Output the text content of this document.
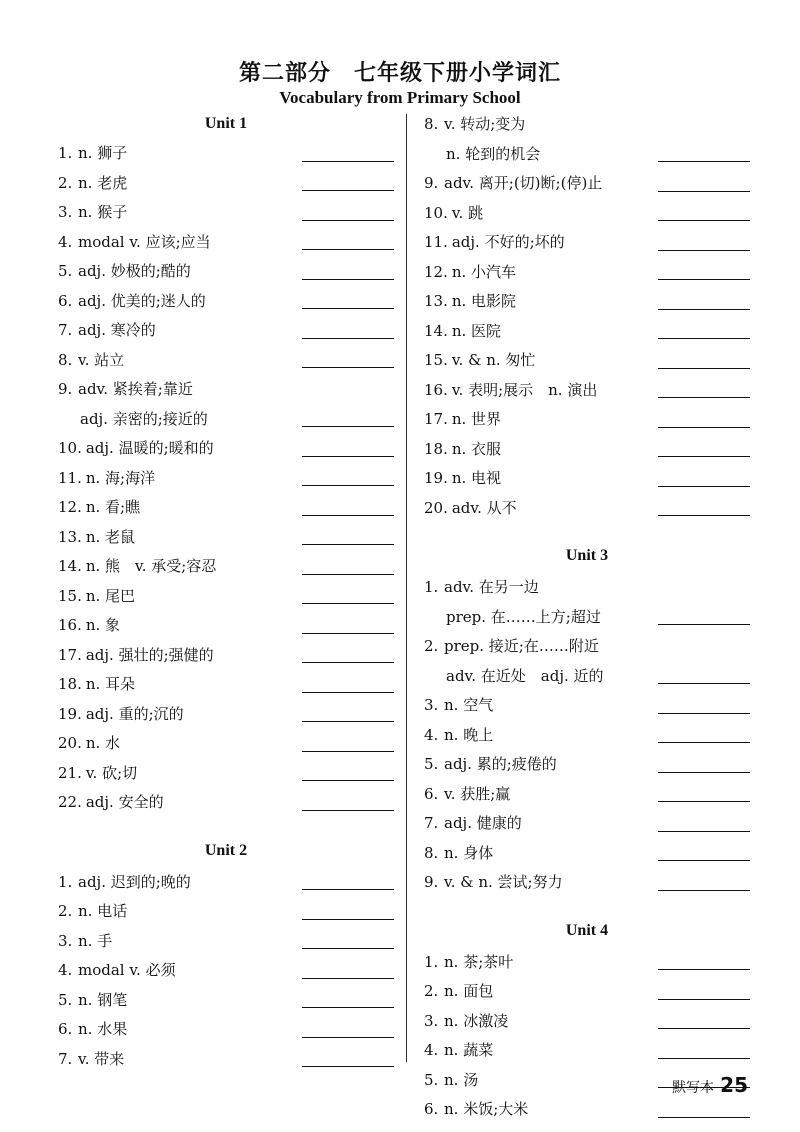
第二部分　七年级下册小学词汇
Vocabulary from Primary School
Unit 1
1. n. 狮子
2. n. 老虎
3. n. 猴子
4. modal v. 应该;应当
5. adj. 妙极的;酷的
6. adj. 优美的;迷人的
7. adj. 寒冷的
8. v. 站立
9. adv. 紧挨着;靠近
adj. 亲密的;接近的
10. adj. 温暖的;暖和的
11. n. 海;海洋
12. n. 看;瞧
13. n. 老鼠
14. n. 熊　v. 承受;容忍
15. n. 尾巴
16. n. 象
17. adj. 强壮的;强健的
18. n. 耳朵
19. adj. 重的;沉的
20. n. 水
21. v. 砍;切
22. adj. 安全的
Unit 2
1. adj. 迟到的;晚的
2. n. 电话
3. n. 手
4. modal v. 必须
5. n. 钢笔
6. n. 水果
7. v. 带来
8. v. 转动;变为
n. 轮到的机会
9. adv. 离开;(切)断;(停)止
10. v. 跳
11. adj. 不好的;坏的
12. n. 小汽车
13. n. 电影院
14. n. 医院
15. v. & n. 匆忙
16. v. 表明;展示　n. 演出
17. n. 世界
18. n. 衣服
19. n. 电视
20. adv. 从不
Unit 3
1. adv. 在另一边
prep. 在……上方;超过
2. prep. 接近;在……附近
adv. 在近处　adj. 近的
3. n. 空气
4. n. 晚上
5. adj. 累的;疲倦的
6. v. 获胜;赢
7. adj. 健康的
8. n. 身体
9. v. & n. 尝试;努力
Unit 4
1. n. 茶;茶叶
2. n. 面包
3. n. 冰激凌
4. n. 蔬菜
5. n. 汤
6. n. 米饭;大米
默写本 25
